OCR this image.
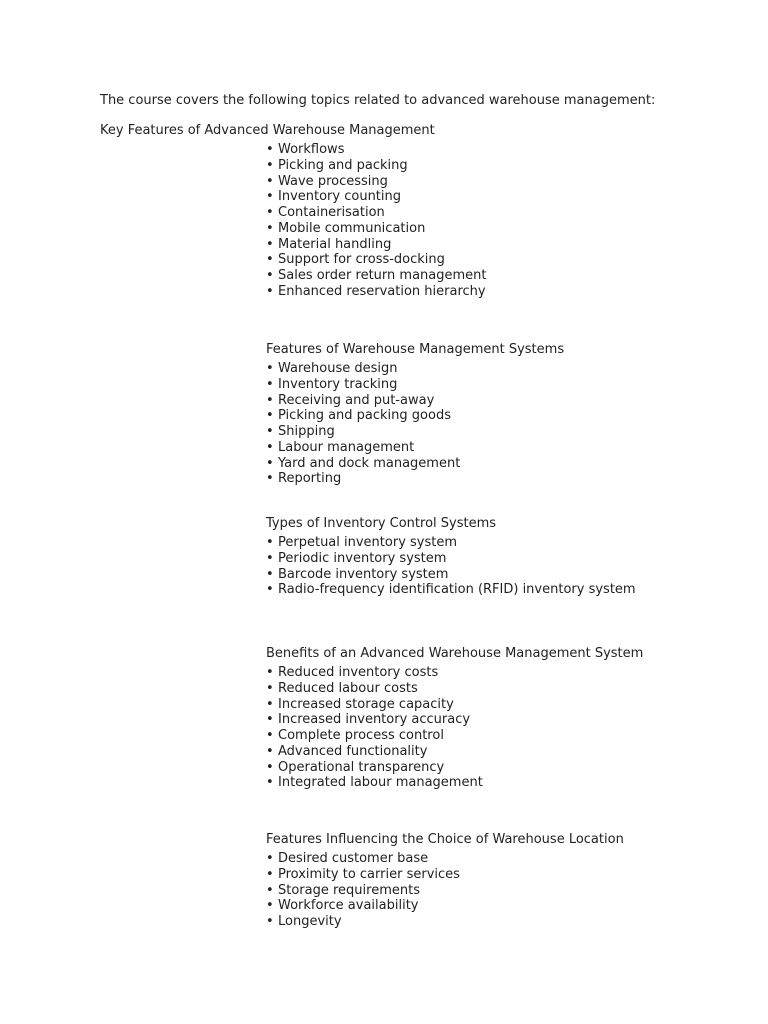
The course covers the following topics related to advanced warehouse management:

Key Features of Advanced Warehouse Management
• Workflows
• Picking and packing
• Wave processing
• Inventory counting
• Containerisation
• Mobile communication
• Material handling
• Support for cross-docking
• Sales order return management
• Enhanced reservation hierarchy
Features of Warehouse Management Systems
• Warehouse design
• Inventory tracking
• Receiving and put-away
• Picking and packing goods
• Shipping
• Labour management
• Yard and dock management
• Reporting
Types of Inventory Control Systems
• Perpetual inventory system
• Periodic inventory system
• Barcode inventory system
• Radio-frequency identification (RFID) inventory system
Benefits of an Advanced Warehouse Management System
• Reduced inventory costs
• Reduced labour costs
• Increased storage capacity
• Increased inventory accuracy
• Complete process control
• Advanced functionality
• Operational transparency
• Integrated labour management
Features Influencing the Choice of Warehouse Location
• Desired customer base
• Proximity to carrier services
• Storage requirements
• Workforce availability
• Longevity
